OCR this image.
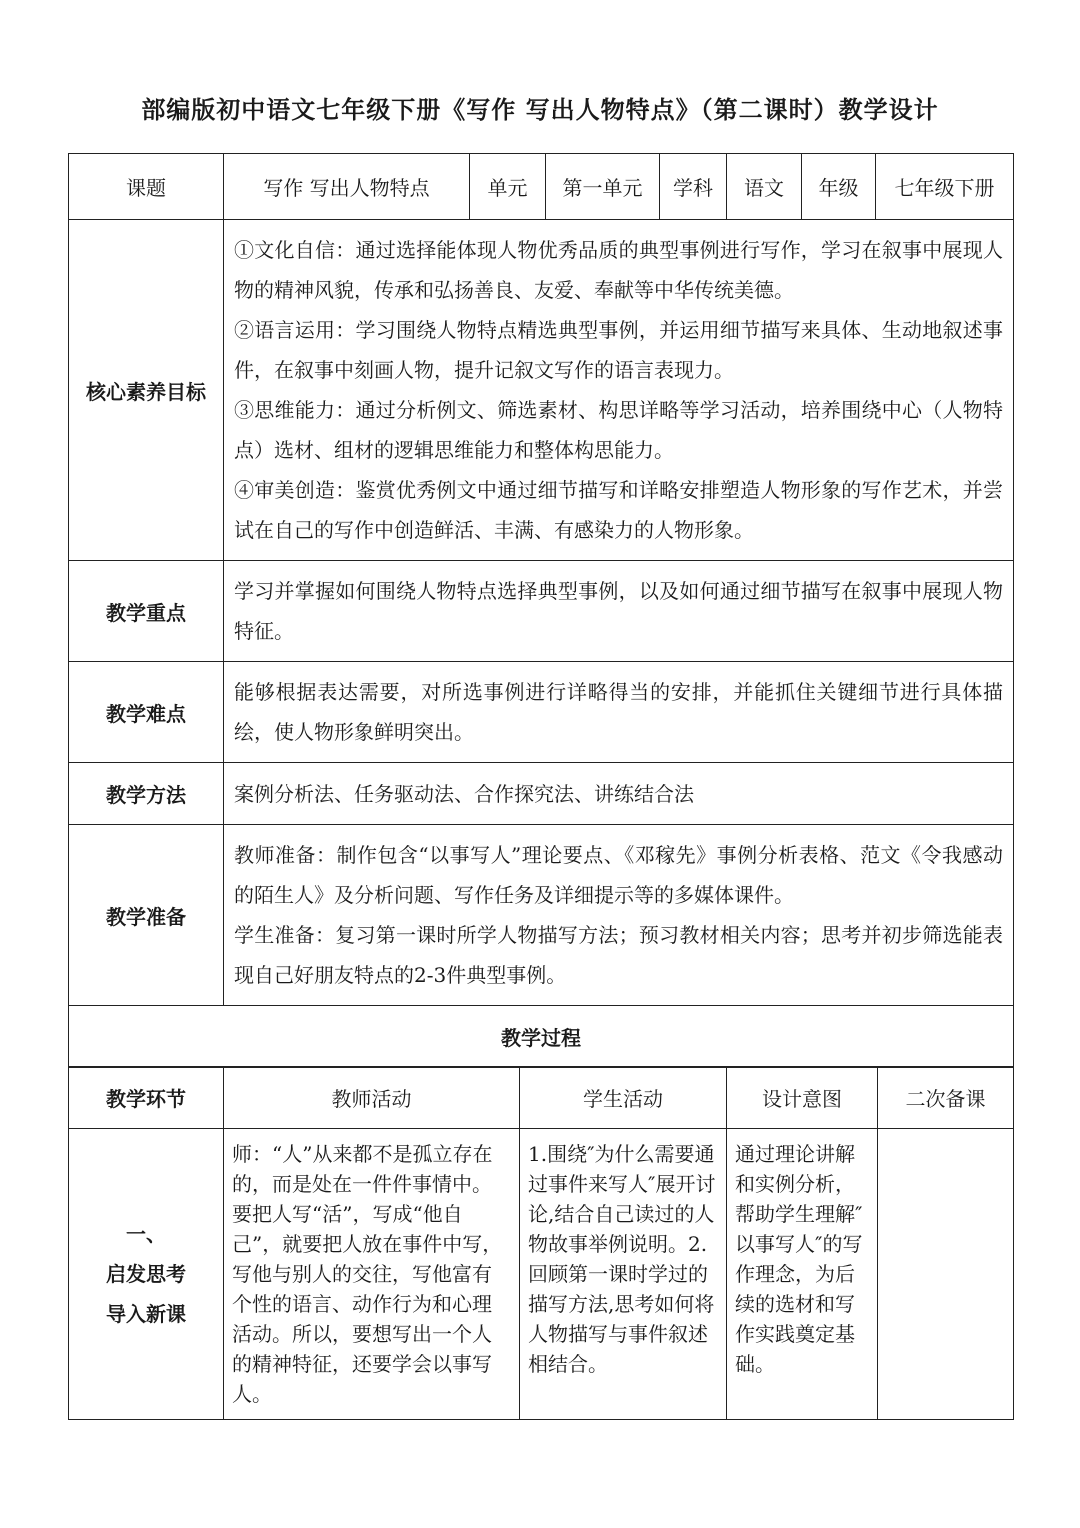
部编版初中语文七年级下册《写作 写出人物特点》（第二课时）教学设计
课题	写作 写出人物特点	单元	第一单元	学科	语文	年级	七年级下册
核心素养目标	①文化自信：通过选择能体现人物优秀品质的典型事例进行写作，学习在叙事中展现人物的精神风貌，传承和弘扬善良、友爱、奉献等中华传统美德。

②语言运用：学习围绕人物特点精选典型事例，并运用细节描写来具体、生动地叙述事件，在叙事中刻画人物，提升记叙文写作的语言表现力。

③思维能力：通过分析例文、筛选素材、构思详略等学习活动，培养围绕中心（人物特点）选材、组材的逻辑思维能力和整体构思能力。

④审美创造：鉴赏优秀例文中通过细节描写和详略安排塑造人物形象的写作艺术，并尝试在自己的写作中创造鲜活、丰满、有感染力的人物形象。						

教学重点	学习并掌握如何围绕人物特点选择典型事例，以及如何通过细节描写在叙事中展现人物特征。						
教学难点	能够根据表达需要，对所选事例进行详略得当的安排，并能抓住关键细节进行具体描绘，使人物形象鲜明突出。						
教学方法	案例分析法、任务驱动法、合作探究法、讲练结合法						
教学准备	教师准备：制作包含“以事写人”理论要点、《邓稼先》事例分析表格、范文《令我感动的陌生人》及分析问题、写作任务及详细提示等的多媒体课件。

学生准备：复习第一课时所学人物描写方法；预习教材相关内容；思考并初步筛选能表现自己好朋友特点的2-3件典型事例。						

教学过程							
教学环节	教师活动	学生活动	设计意图	二次备课

一、
启发思考
导入新课	师：“人”从来都不是孤立存在的，而是处在一件件事情中。要把人写“活”，写成“他自己”，就要把人放在事件中写，写他与别人的交往，写他富有个性的语言、动作行为和心理活动。所以，要想写出一个人的精神特征，还要学会以事写人。	1.围绕″为什么需要通过事件来写人″展开讨论,结合自己读过的人物故事举例说明。2.回顾第一课时学过的描写方法,思考如何将人物描写与事件叙述相结合。	通过理论讲解和实例分析，帮助学生理解″以事写人″的写作理念，为后续的选材和写作实践奠定基础。	
